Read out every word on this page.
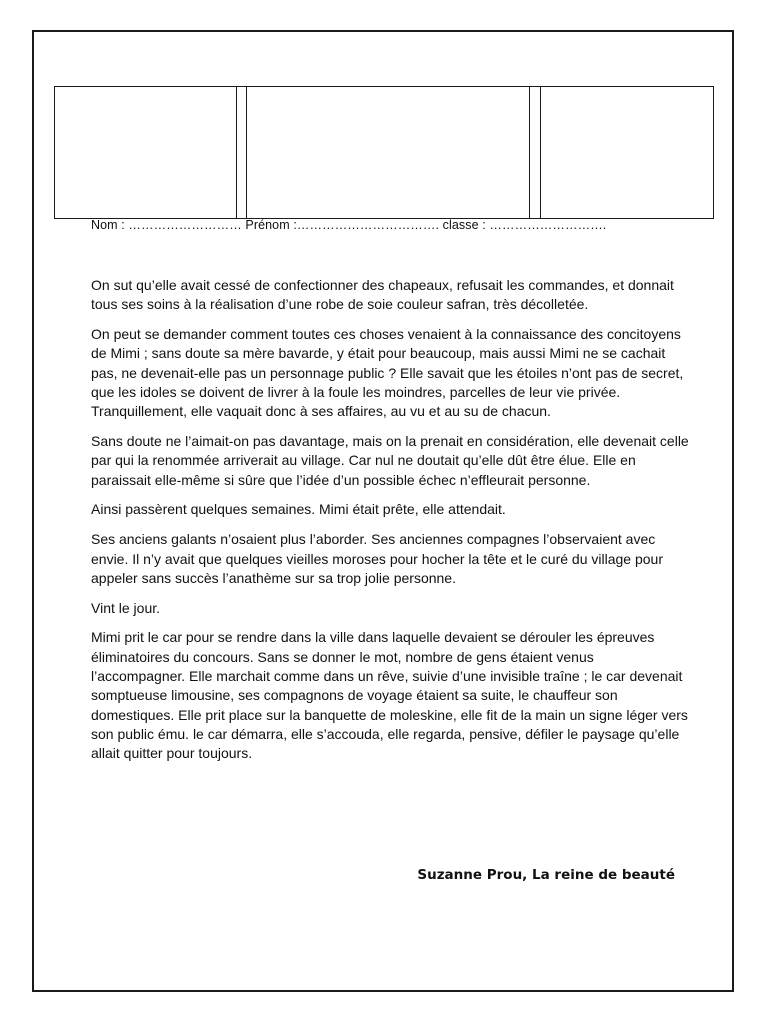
Nom : ……………………… Prénom :……………………………. classe : ……………………….

On sut qu’elle avait cessé de confectionner des chapeaux, refusait les commandes, et donnait tous ses soins à la réalisation d’une robe de soie couleur safran, très décolletée.

On peut se demander comment toutes ces choses venaient à la connaissance des concitoyens de Mimi ; sans doute sa mère bavarde, y était pour beaucoup, mais aussi Mimi ne se cachait pas, ne devenait-elle pas un personnage public ? Elle savait que les étoiles n’ont pas de secret, que les idoles se doivent de livrer à la foule les moindres, parcelles de leur vie privée. Tranquillement, elle vaquait donc à ses affaires, au vu et au su de chacun.

Sans doute ne l’aimait-on pas davantage, mais on la prenait en considération, elle devenait celle par qui la renommée arriverait au village. Car nul ne doutait qu’elle dût être élue. Elle en paraissait elle-même si sûre que l’idée d’un possible échec n’effleurait personne.

Ainsi passèrent quelques semaines. Mimi était prête, elle attendait.

Ses anciens galants n’osaient plus l’aborder. Ses anciennes compagnes l’observaient avec envie. Il n’y avait que quelques vieilles moroses pour hocher la tête et le curé du village pour appeler sans succès l’anathème sur sa trop jolie personne.

Vint le jour.

Mimi prit le car pour se rendre dans la ville dans laquelle devaient se dérouler les épreuves éliminatoires du concours. Sans se donner le mot, nombre de gens étaient venus l’accompagner. Elle marchait comme dans un rêve, suivie d’une invisible traîne ; le car devenait somptueuse limousine, ses compagnons de voyage étaient sa suite, le chauffeur son domestiques. Elle prit place sur la banquette de moleskine, elle fit de la main un signe léger vers son public ému. le car démarra, elle s’accouda, elle regarda, pensive, défiler le paysage qu’elle allait quitter pour toujours.

Suzanne Prou, La reine de beauté
